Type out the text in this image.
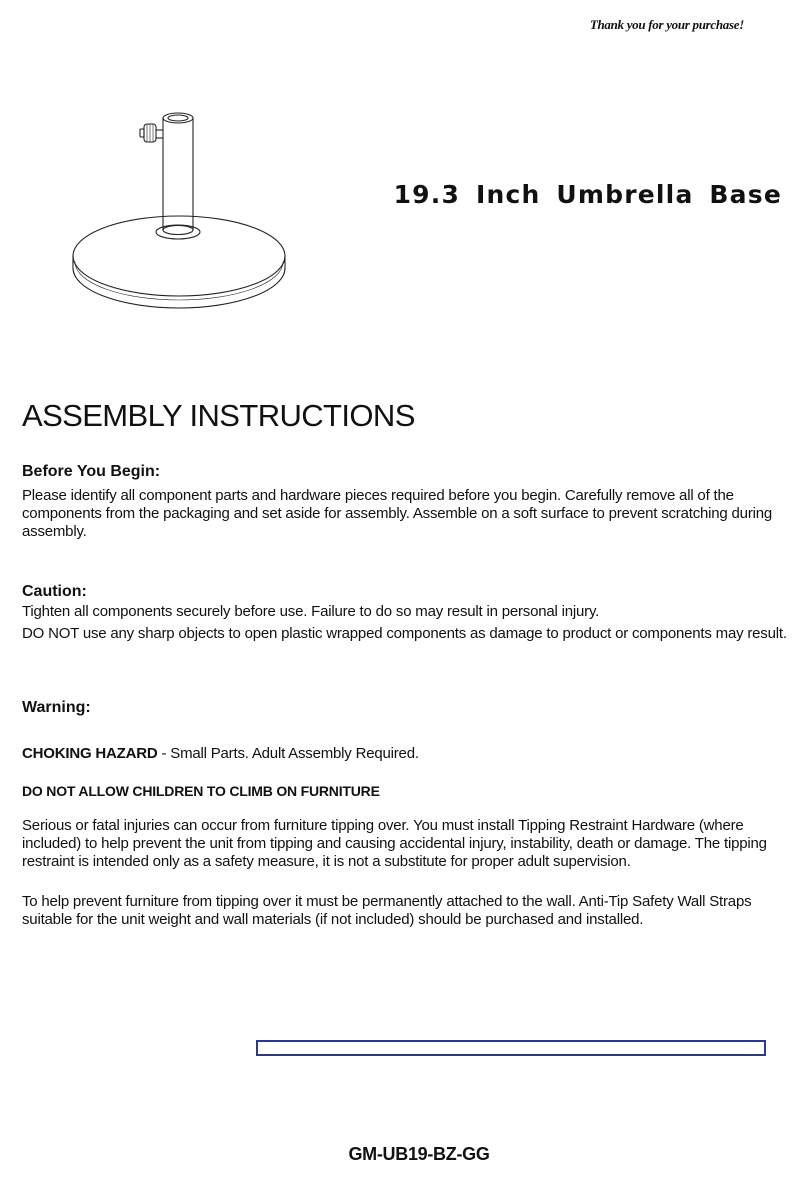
Thank you for your purchase!
19.3 Inch Umbrella Base
ASSEMBLY INSTRUCTIONS
Before You Begin:
Please identify all component parts and hardware pieces required before you begin. Carefully remove all of the components from the packaging and set aside for assembly. Assemble on a soft surface to prevent scratching during assembly.
Caution:
Tighten all components securely before use. Failure to do so may result in personal injury.
DO NOT use any sharp objects to open plastic wrapped components as damage to product or components may result.
Warning:
CHOKING HAZARD - Small Parts. Adult Assembly Required.
DO NOT ALLOW CHILDREN TO CLIMB ON FURNITURE
Serious or fatal injuries can occur from furniture tipping over. You must install Tipping Restraint Hardware (where included) to help prevent the unit from tipping and causing accidental injury, instability, death or damage. The tipping restraint is intended only as a safety measure, it is not a substitute for proper adult supervision.
To help prevent furniture from tipping over it must be permanently attached to the wall. Anti-Tip Safety Wall Straps suitable for the unit weight and wall materials (if not included) should be purchased and installed.
GM-UB19-BZ-GG
